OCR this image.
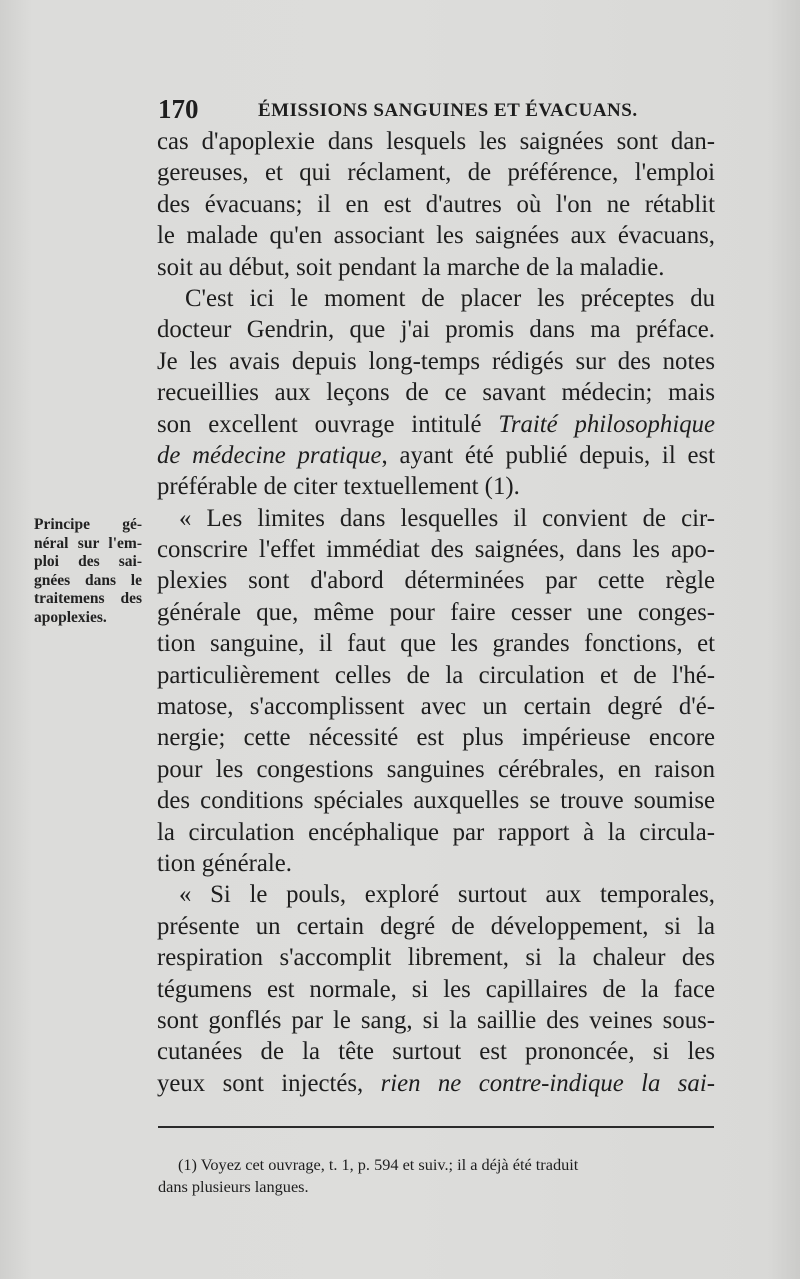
170	ÉMISSIONS SANGUINES ET ÉVACUANS.
Principe gé-
néral sur l'em-
ploi des sai-
gnées dans le
traitemens des
apoplexies.
cas d'apoplexie dans lesquels les saignées sont dan-
gereuses, et qui réclament, de préférence, l'emploi
des évacuans; il en est d'autres où l'on ne rétablit
le malade qu'en associant les saignées aux évacuans,
soit au début, soit pendant la marche de la maladie.
C'est ici le moment de placer les préceptes du
docteur Gendrin, que j'ai promis dans ma préface.
Je les avais depuis long-temps rédigés sur des notes
recueillies aux leçons de ce savant médecin; mais
son excellent ouvrage intitulé Traité philosophique
de médecine pratique, ayant été publié depuis, il est
préférable de citer textuellement (1).
« Les limites dans lesquelles il convient de cir-
conscrire l'effet immédiat des saignées, dans les apo-
plexies sont d'abord déterminées par cette règle
générale que, même pour faire cesser une conges-
tion sanguine, il faut que les grandes fonctions, et
particulièrement celles de la circulation et de l'hé-
matose, s'accomplissent avec un certain degré d'é-
nergie; cette nécessité est plus impérieuse encore
pour les congestions sanguines cérébrales, en raison
des conditions spéciales auxquelles se trouve soumise
la circulation encéphalique par rapport à la circula-
tion générale.
« Si le pouls, exploré surtout aux temporales,
présente un certain degré de développement, si la
respiration s'accomplit librement, si la chaleur des
tégumens est normale, si les capillaires de la face
sont gonflés par le sang, si la saillie des veines sous-
cutanées de la tête surtout est prononcée, si les
yeux sont injectés, rien ne contre-indique la sai-
(1) Voyez cet ouvrage, t. 1, p. 594 et suiv.; il a déjà été traduit
dans plusieurs langues.
